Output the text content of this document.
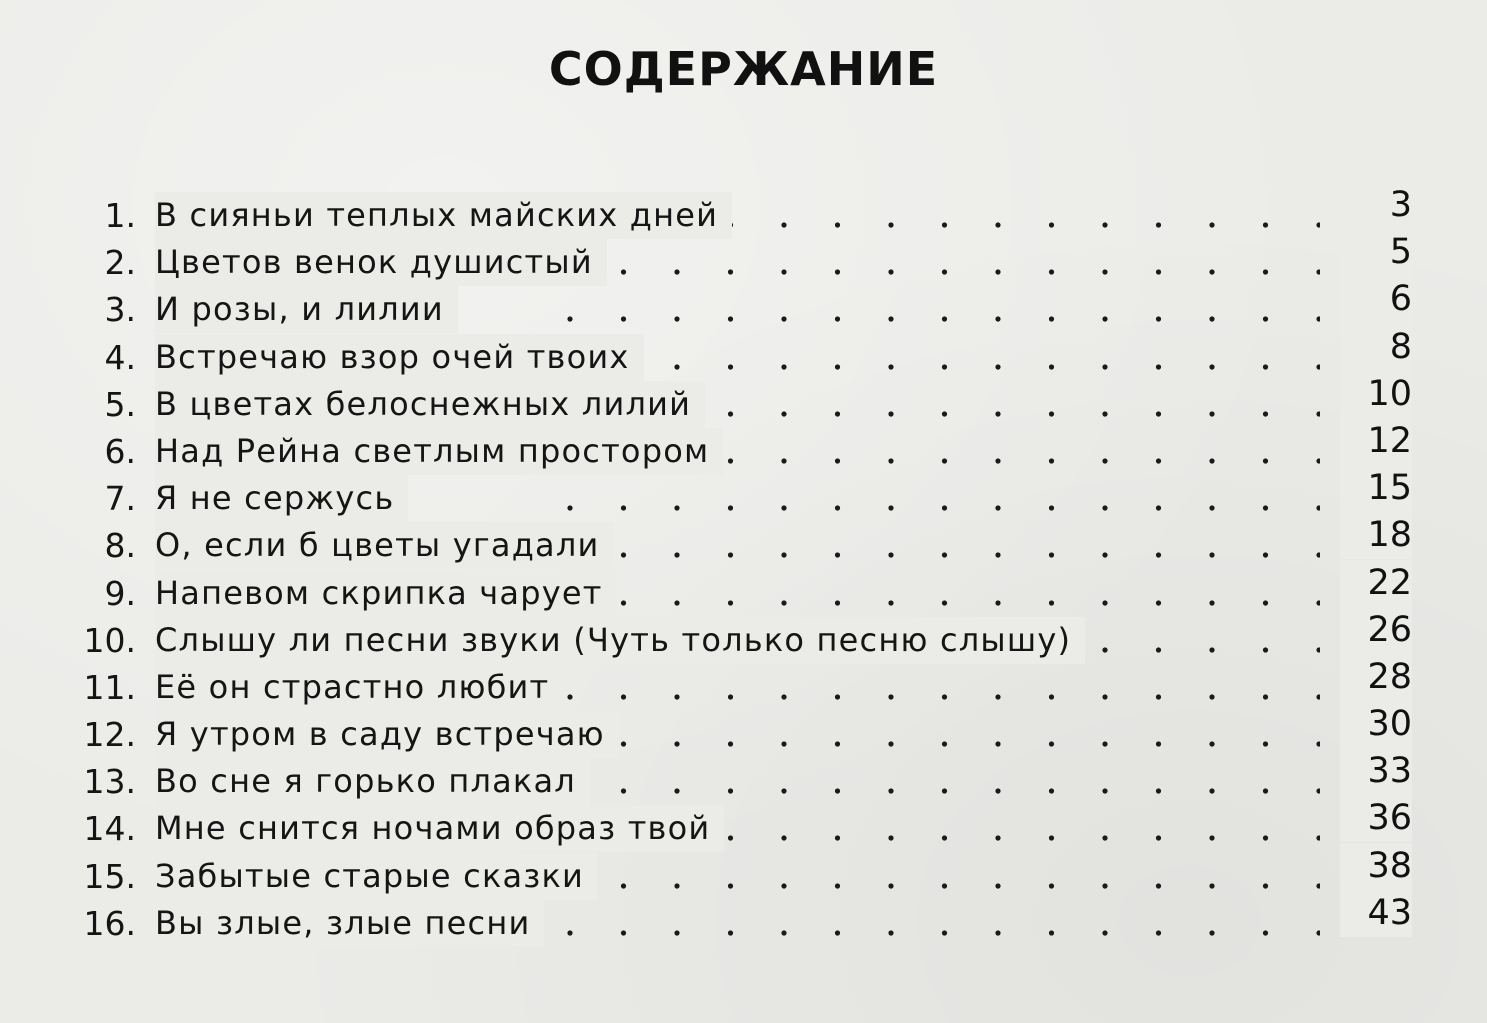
СОДЕРЖАНИЕ
1. В сияньи теплых майских дней	3
2. Цветов венок душистый	5
3. И розы, и лилии	6
4. Встречаю взор очей твоих	8
5. В цветах белоснежных лилий	10
6. Над Рейна светлым простором	12
7. Я не сержусь	15
8. О, если б цветы угадали	18
9. Напевом скрипка чарует	22
10. Слышу ли песни звуки (Чуть только песню слышу)	26
11. Её он страстно любит	28
12. Я утром в саду встречаю	30
13. Во сне я горько плакал	33
14. Мне снится ночами образ твой	36
15. Забытые старые сказки	38
16. Вы злые, злые песни	43
